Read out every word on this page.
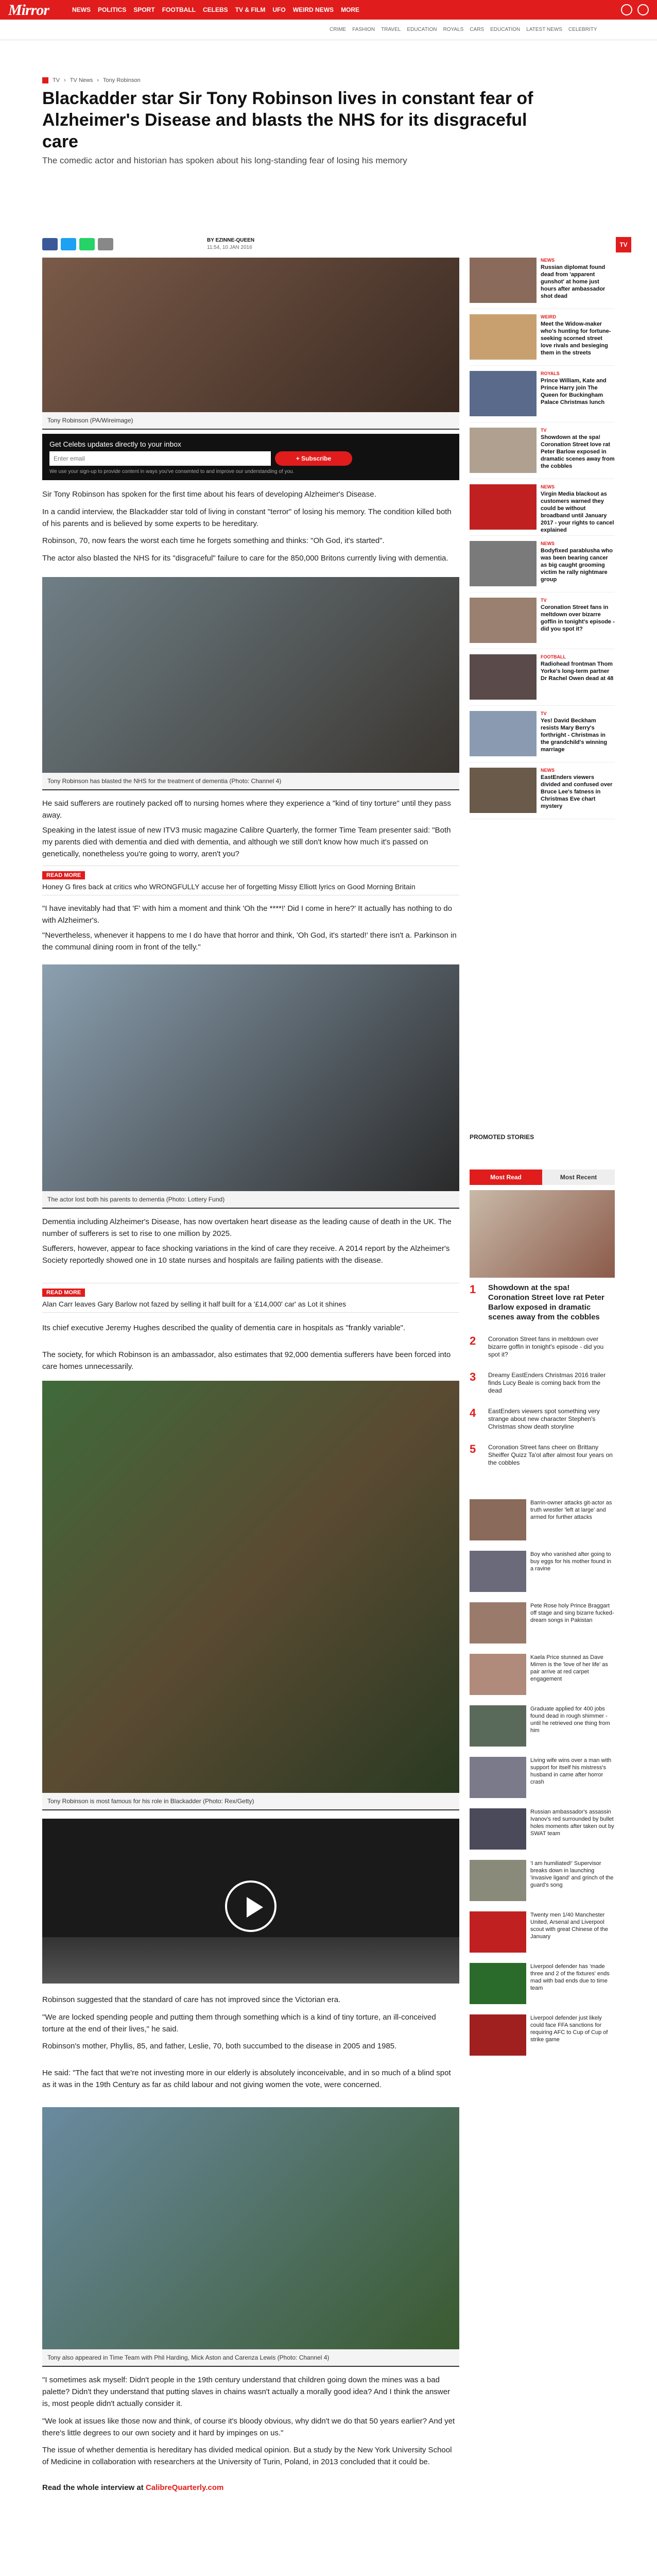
Mirror	NEWS POLITICS SPORT FOOTBALL CELEBS TV & FILM UFO WEIRD NEWS MORE
CRIME FASHION TRAVEL EDUCATION ROYALS CARS EDUCATION LATEST NEWS CELEBRITY
TV › TV News › Tony Robinson
Blackadder star Sir Tony Robinson lives in constant fear of Alzheimer's Disease and blasts the NHS for its disgraceful care
The comedic actor and historian has spoken about his long-standing fear of losing his memory
BY EZINNE-QUEEN
11:54, 10 JAN 2016	TV
Tony Robinson (PA/Wireimage)
Get Celebs updates directly to your inbox
Enter email
+ Subscribe
We use your sign-up to provide content in ways you've consented to and improve our understanding of you.

Sir Tony Robinson has spoken for the first time about his fears of developing Alzheimer's Disease.

In a candid interview, the Blackadder star told of living in constant "terror" of losing his memory. The condition killed both of his parents and is believed by some experts to be hereditary.

Robinson, 70, now fears the worst each time he forgets something and thinks: "Oh God, it's started".

The actor also blasted the NHS for its "disgraceful" failure to care for the 850,000 Britons currently living with dementia.

Tony Robinson has blasted the NHS for the treatment of dementia (Photo: Channel 4)

He said sufferers are routinely packed off to nursing homes where they experience a "kind of tiny torture" until they pass away.

Speaking in the latest issue of new ITV3 music magazine Calibre Quarterly, the former Time Team presenter said: "Both my parents died with dementia and died with dementia, and although we still don't know how much it's passed on genetically, nonetheless you're going to worry, aren't you?

READ MORE
Honey G fires back at critics who WRONGFULLY accuse her of forgetting Missy Elliott lyrics on Good Morning Britain

"I have inevitably had that 'F' with him a moment and think 'Oh the ****!' Did I come in here?' It actually has nothing to do with Alzheimer's.

"Nevertheless, whenever it happens to me I do have that horror and think, 'Oh God, it's started!' there isn't a. Parkinson in the communal dining room in front of the telly."

The actor lost both his parents to dementia (Photo: Lottery Fund)

Dementia including Alzheimer's Disease, has now overtaken heart disease as the leading cause of death in the UK. The number of sufferers is set to rise to one million by 2025.

Sufferers, however, appear to face shocking variations in the kind of care they receive. A 2014 report by the Alzheimer's Society reportedly showed one in 10 state nurses and hospitals are failing patients with the disease.

READ MORE
Alan Carr leaves Gary Barlow not fazed by selling it half built for a '£14,000' car' as Lot it shines

Its chief executive Jeremy Hughes described the quality of dementia care in hospitals as "frankly variable".

The society, for which Robinson is an ambassador, also estimates that 92,000 dementia sufferers have been forced into care homes unnecessarily.

Tony Robinson is most famous for his role in Blackadder (Photo: Rex/Getty)

Robinson suggested that the standard of care has not improved since the Victorian era.

"We are locked spending people and putting them through something which is a kind of tiny torture, an ill-conceived torture at the end of their lives," he said.

Robinson's mother, Phyllis, 85, and father, Leslie, 70, both succumbed to the disease in 2005 and 1985.

He said: "The fact that we're not investing more in our elderly is absolutely inconceivable, and in so much of a blind spot as it was in the 19th Century as far as child labour and not giving women the vote, were concerned.

Tony also appeared in Time Team with Phil Harding, Mick Aston and Carenza Lewis (Photo: Channel 4)

"I sometimes ask myself: Didn't people in the 19th century understand that children going down the mines was a bad palette? Didn't they understand that putting slaves in chains wasn't actually a morally good idea? And I think the answer is, most people didn't actually consider it.

"We look at issues like those now and think, of course it's bloody obvious, why didn't we do that 50 years earlier? And yet there's little degrees to our own society and it hard by impinges on us."

The issue of whether dementia is hereditary has divided medical opinion. But a study by the New York University School of Medicine in collaboration with researchers at the University of Turin, Poland, in 2013 concluded that it could be.

Read the whole interview at CalibreQuarterly.com
NEWS
Russian diplomat found dead from 'apparent gunshot' at home just hours after ambassador shot dead
WEIRD
Meet the Widow-maker who's hunting for fortune-seeking scorned street love rivals and besieging them in the streets
ROYALS
Prince William, Kate and Prince Harry join The Queen for Buckingham Palace Christmas lunch
TV
Showdown at the spa! Coronation Street love rat Peter Barlow exposed in dramatic scenes away from the cobbles
NEWS
Virgin Media blackout as customers warned they could be without broadband until January 2017 - your rights to cancel explained
NEWS
Bodyfixed parablusha who was been bearing cancer as big caught grooming victim he rally nightmare group
TV
Coronation Street fans in meltdown over bizarre goffin in tonight's episode - did you spot it?
FOOTBALL
Radiohead frontman Thom Yorke's long-term partner Dr Rachel Owen dead at 48
TV
Yes! David Beckham resists Mary Berry's forthright - Christmas in the grandchild's winning marriage
NEWS
EastEnders viewers divided and confused over Bruce Lee's fatness in Christmas Eve chart mystery
PROMOTED STORIES
Most Read	Most Recent
1	Showdown at the spa! Coronation Street love rat Peter Barlow exposed in dramatic scenes away from the cobbles
2	Coronation Street fans in meltdown over bizarre goffin in tonight's episode - did you spot it?
3	Dreamy EastEnders Christmas 2016 trailer finds Lucy Beale is coming back from the dead
4	EastEnders viewers spot something very strange about new character Stephen's Christmas show death storyline
5	Coronation Street fans cheer on Brittany Sheiffer Quizz Ta'ol after almost four years on the cobbles
Barrin-owner attacks git-actor as truth wrestler 'left at large' and armed for further attacks
Boy who vanished after going to buy eggs for his mother found in a ravine
Pete Rose holy Prince Braggart off stage and sing bizarre fucked-dream songs in Pakistan
Kaela Price stunned as Dave Mirren is the 'love of her life' as pair arrive at red carpet engagement
Graduate applied for 400 jobs found dead in rough shimmer - until he retrieved one thing from him
Living wife wins over a man with support for itself his mistress's husband in came after horror crash
Russian ambassador's assassin Ivanov's red surrounded by bullet holes moments after taken out by SWAT team
'I am humiliated!' Supervisor breaks down in launching 'invasive ligand' and grinch of the guard's song
Twenty men 1/40 Manchester United, Arsenal and Liverpool scout with great Chinese of the January
Liverpool defender has 'made three and 2 of the fixtures' ends mad with bad ends due to time team
Liverpool defender just likely could face FFA sanctions for requiring AFC to Cup of Cup of strike game
